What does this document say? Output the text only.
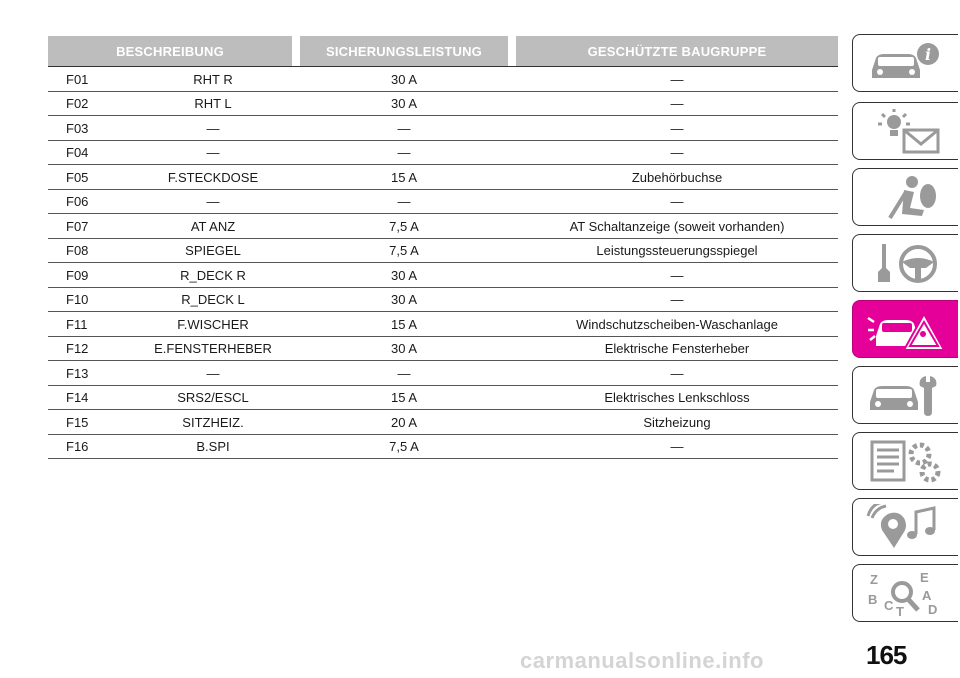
BESCHREIBUNG	SICHERUNGSLEISTUNG	GESCHÜTZTE BAUGRUPPE
F01	RHT R	30 A	—
F02	RHT L	30 A	—
F03	—	—	—
F04	—	—	—
F05	F.STECKDOSE	15 A	Zubehörbuchse
F06	—	—	—
F07	AT ANZ	7,5 A	AT Schaltanzeige (soweit vorhanden)
F08	SPIEGEL	7,5 A	Leistungssteuerungsspiegel
F09	R_DECK R	30 A	—
F10	R_DECK L	30 A	—
F11	F.WISCHER	15 A	Windschutzscheiben-Waschanlage
F12	E.FENSTERHEBER	30 A	Elektrische Fensterheber
F13	—	—	—
F14	SRS2/ESCL	15 A	Elektrisches Lenkschloss
F15	SITZHEIZ.	20 A	Sitzheizung
F16	B.SPI	7,5 A	—
i
Z	E
B	A
C	D
T
carmanualsonline.info	165
